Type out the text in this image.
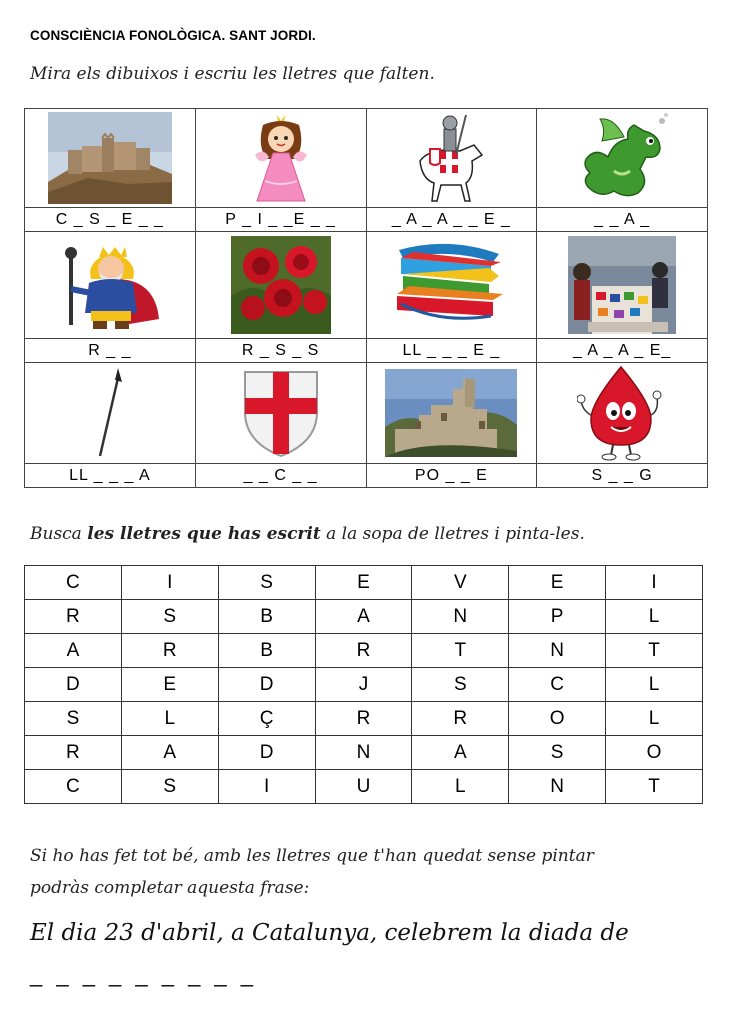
CONSCIÈNCIA FONOLÒGICA. SANT JORDI.
Mira els dibuixos i escriu les lletres que falten.

C _ S _ E _ _	P _ I _ _E _ _	_ A _ A _ _ E _	_ _ A _

R _ _	R _ S _ S	LL _ _ _ E _	_ A _ A _ E_

LL _ _ _ A	_ _ C _ _	PO _ _ E	S _ _ G
Busca les lletres que has escrit a la sopa de lletres i pinta-les.
C	I	S	E	V	E	I
R	S	B	A	N	P	L
A	R	B	R	T	N	T
D	E	D	J	S	C	L
S	L	Ç	R	R	O	L
R	A	D	N	A	S	O
C	S	I	U	L	N	T
Si ho has fet tot bé, amb les lletres que t'han quedat sense pintar
podràs completar aquesta frase:
El dia 23 d'abril, a Catalunya, celebrem la diada de
_ _ _ _ _ _ _ _ _
